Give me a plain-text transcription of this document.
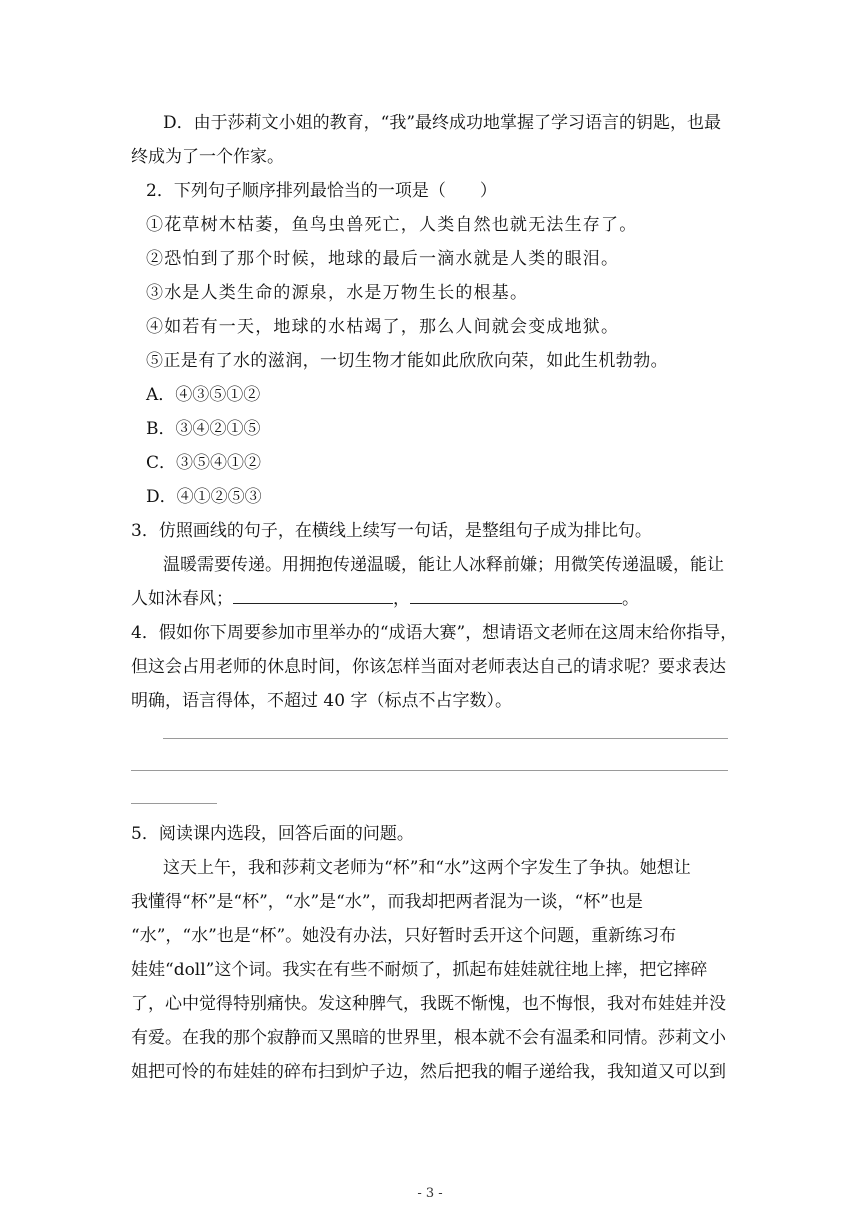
D．由于莎莉文小姐的教育，“我”最终成功地掌握了学习语言的钥匙，也最
终成为了一个作家。
2．下列句子顺序排列最恰当的一项是（　　）
①花草树木枯萎，鱼鸟虫兽死亡，人类自然也就无法生存了。
②恐怕到了那个时候，地球的最后一滴水就是人类的眼泪。
③水是人类生命的源泉，水是万物生长的根基。
④如若有一天，地球的水枯竭了，那么人间就会变成地狱。
⑤正是有了水的滋润，一切生物才能如此欣欣向荣，如此生机勃勃。
A．④③⑤①②
B．③④②①⑤
C．③⑤④①②
D．④①②⑤③
3．仿照画线的句子，在横线上续写一句话，是整组句子成为排比句。
温暖需要传递。用拥抱传递温暖，能让人冰释前嫌；用微笑传递温暖，能让
人如沐春风；	，	。
4．假如你下周要参加市里举办的“成语大赛”，想请语文老师在这周末给你指导，
但这会占用老师的休息时间，你该怎样当面对老师表达自己的请求呢？要求表达
明确，语言得体，不超过 40 字（标点不占字数）。
5．阅读课内选段，回答后面的问题。
这天上午，我和莎莉文老师为“杯”和“水”这两个字发生了争执。她想让
我懂得“杯”是“杯”，“水”是“水”，而我却把两者混为一谈，“杯”也是
“水”，“水”也是“杯”。她没有办法，只好暂时丢开这个问题，重新练习布
娃娃“doll”这个词。我实在有些不耐烦了，抓起布娃娃就往地上摔，把它摔碎
了，心中觉得特别痛快。发这种脾气，我既不惭愧，也不悔恨，我对布娃娃并没
有爱。在我的那个寂静而又黑暗的世界里，根本就不会有温柔和同情。莎莉文小
姐把可怜的布娃娃的碎布扫到炉子边，然后把我的帽子递给我，我知道又可以到
- 3 -
